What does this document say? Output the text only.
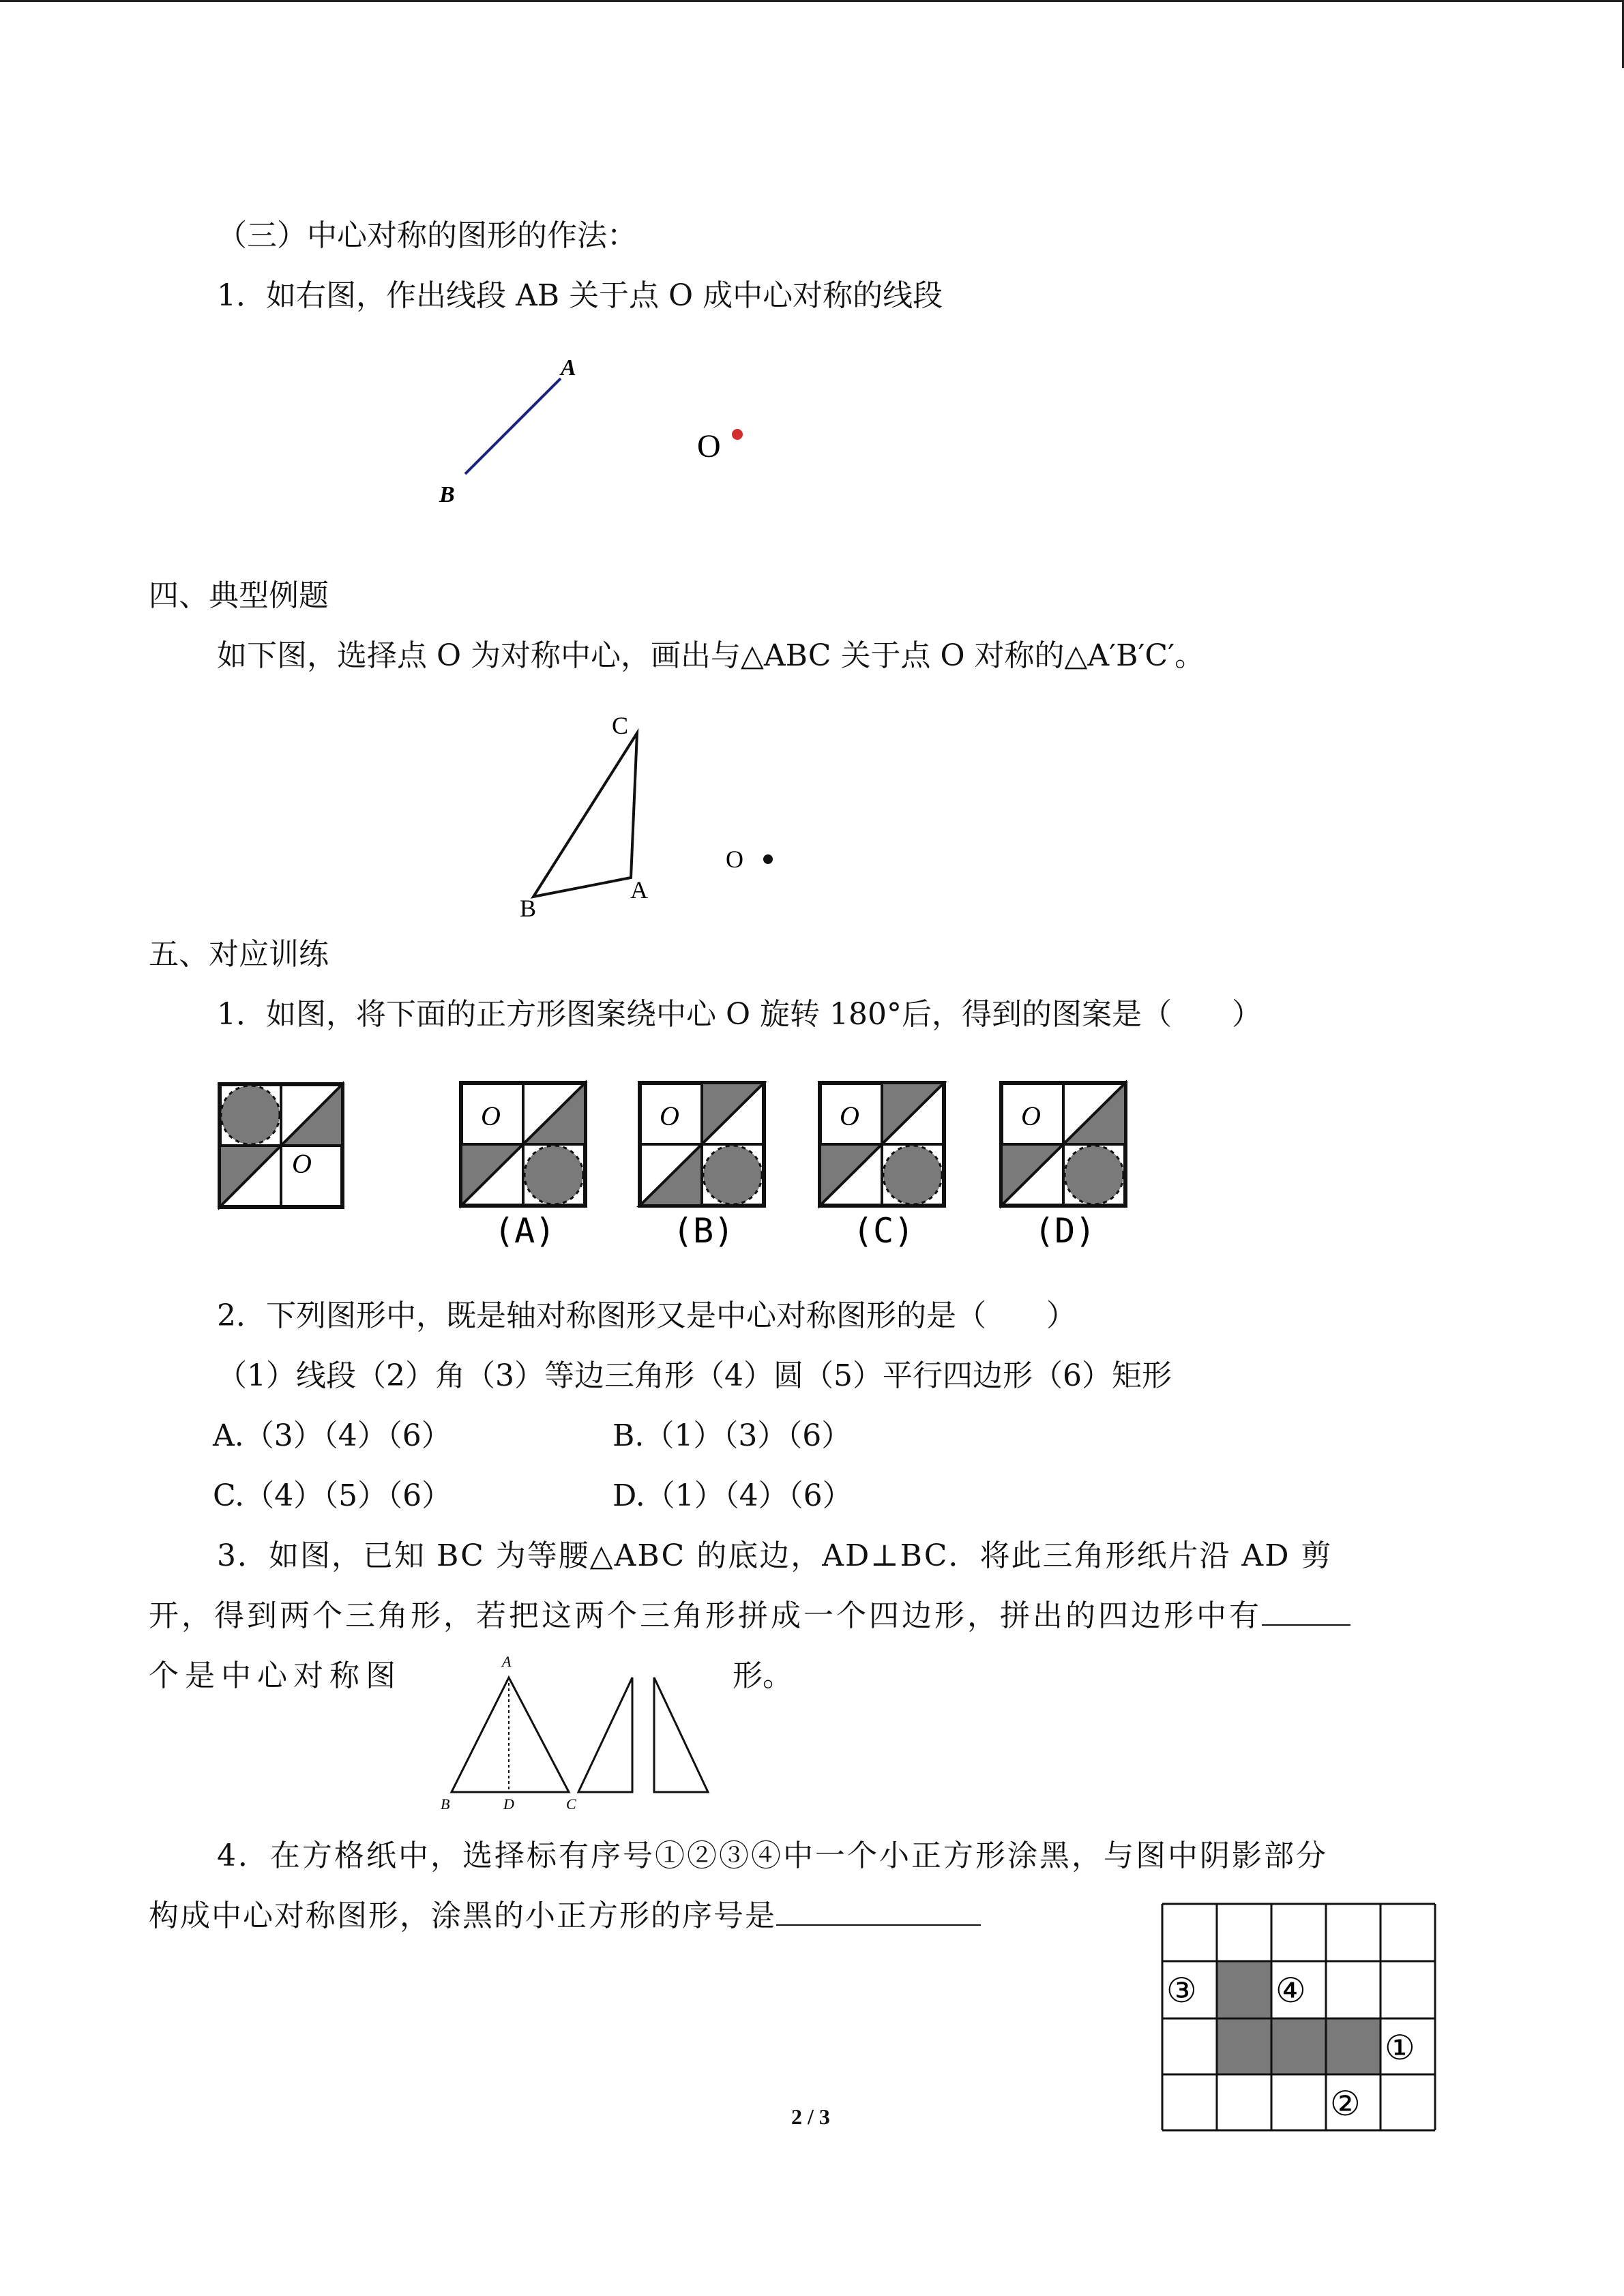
（三）中心对称的图形的作法：
1．如右图，作出线段 AB 关于点 O 成中心对称的线段
A
B
O
四、典型例题
如下图，选择点 O 为对称中心，画出与△ABC 关于点 O 对称的△A′B′C′。
C
A
B
O
五、对应训练
1．如图，将下面的正方形图案绕中心 O 旋转 180°后，得到的图案是（　　）
O
O
(A)
O
(B)
O
(C)
O
(D)
2．下列图形中，既是轴对称图形又是中心对称图形的是（　　）
（1）线段（2）角（3）等边三角形（4）圆（5）平行四边形（6）矩形
A.（3）（4）（6）	B.（1）（3）（6）
C.（4）（5）（6）	D.（1）（4）（6）
3．如图，已知 BC 为等腰△ABC 的底边，AD⊥BC．将此三角形纸片沿 AD 剪
开，得到两个三角形，若把这两个三角形拼成一个四边形，拼出的四边形中有
个是中心对称图	形。
A
B	D	C
4．在方格纸中，选择标有序号①②③④中一个小正方形涂黑，与图中阴影部分
构成中心对称图形，涂黑的小正方形的序号是
③ ④
①
②
2 / 3
